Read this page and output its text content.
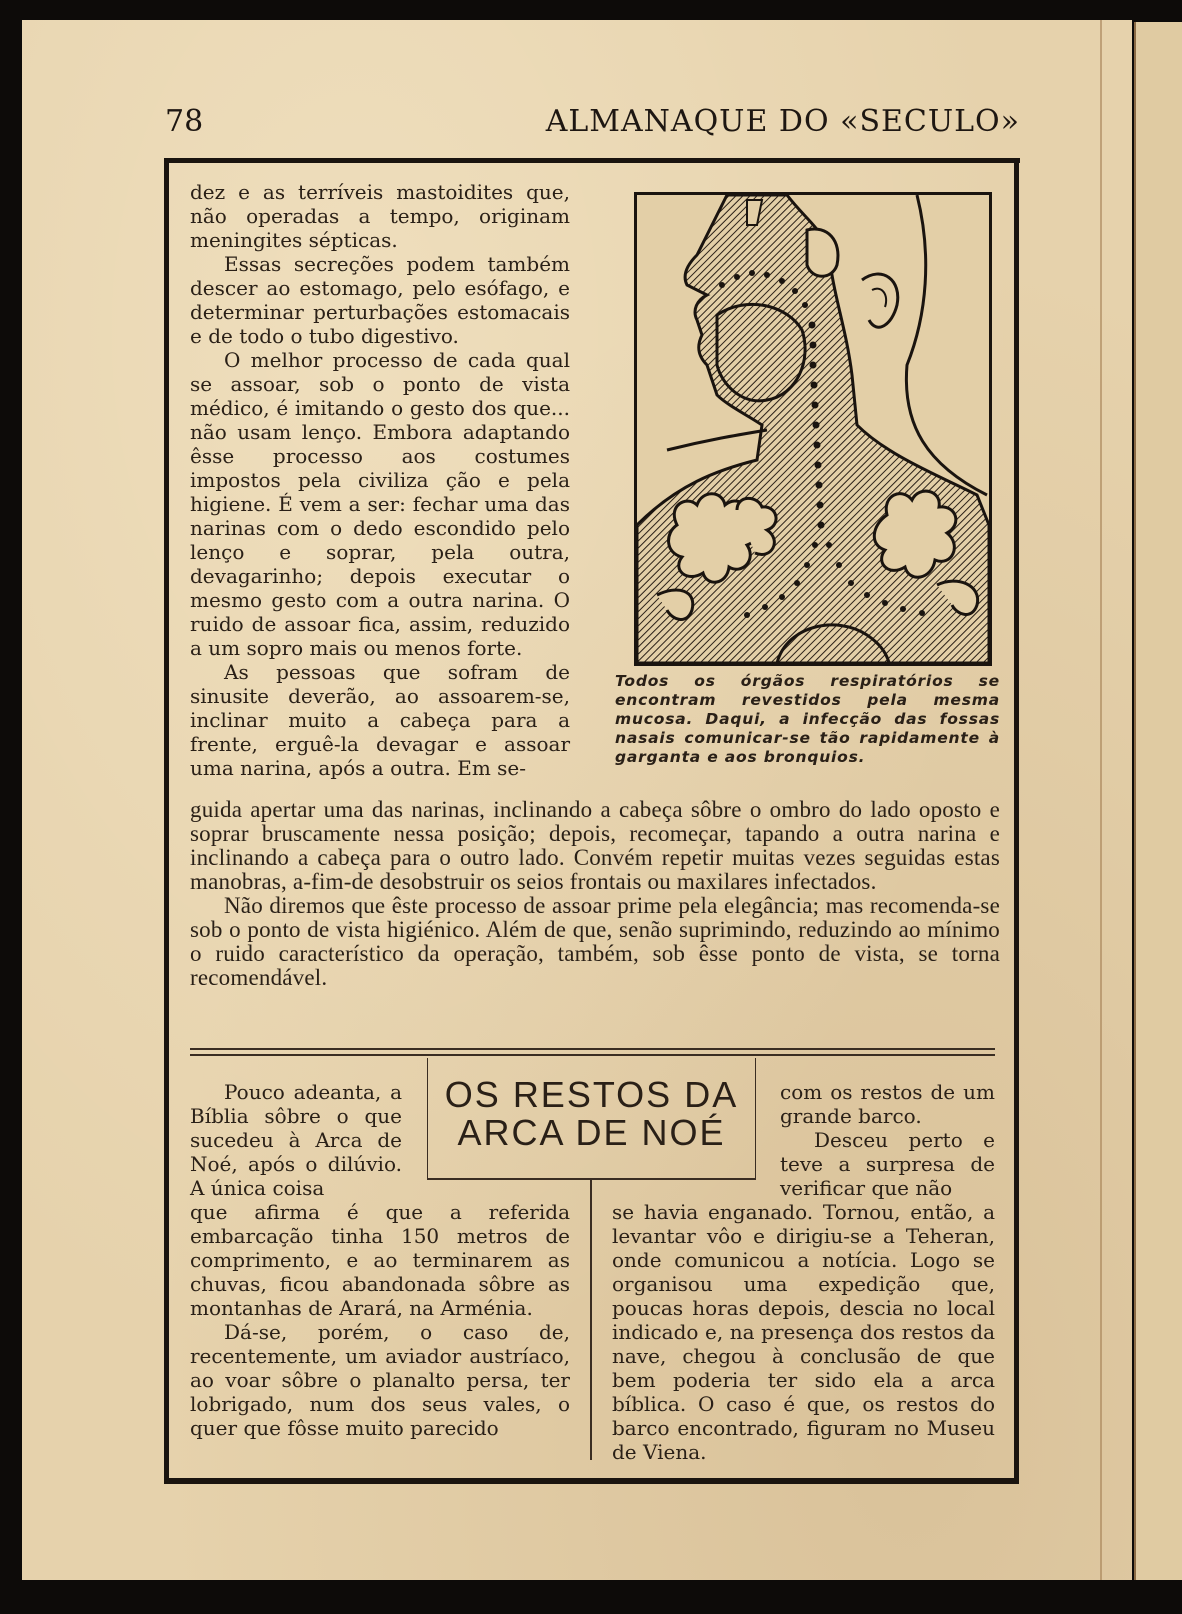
78	ALMANAQUE DO «SECULO»

dez e as terríveis mastoidites que, não operadas a tempo, originam meningites sépticas.

Essas secreções podem também descer ao estomago, pelo esófago, e determinar perturbações estomacais e de todo o tubo digestivo.

O melhor processo de cada qual se assoar, sob o ponto de vista médico, é imitando o gesto dos que... não usam lenço. Embora adaptando êsse processo aos costumes impostos pela civiliza ção e pela higiene. É vem a ser: fechar uma das narinas com o dedo escondido pelo lenço e soprar, pela outra, devagarinho; depois executar o mesmo gesto com a outra narina. O ruido de assoar fica, assim, reduzido a um sopro mais ou menos forte.

As pessoas que sofram de sinusite deverão, ao assoarem-se, inclinar muito a cabeça para a frente, erguê-la devagar e assoar uma narina, após a outra. Em se-

Todos os órgãos respiratórios se encontram revestidos pela mesma mucosa. Daqui, a infecção das fossas nasais comunicar-se tão rapidamente à garganta e aos bronquios.

guida apertar uma das narinas, inclinando a cabeça sôbre o ombro do lado oposto e soprar bruscamente nessa posição; depois, recomeçar, tapando a outra narina e inclinando a cabeça para o outro lado. Convém repetir muitas vezes seguidas estas manobras, a-fim-de desobstruir os seios frontais ou maxilares infectados.

Não diremos que êste processo de assoar prime pela elegância; mas recomenda-se sob o ponto de vista higiénico. Além de que, senão suprimindo, reduzindo ao mínimo o ruido característico da operação, também, sob êsse ponto de vista, se torna recomendável.

OS RESTOS DA
ARCA DE NOÉ

Pouco adeanta, a Bíblia sôbre o que sucedeu à Arca de Noé, após o dilúvio. A única coisa

que afirma é que a referida embarcação tinha 150 metros de comprimento, e ao terminarem as chuvas, ficou abandonada sôbre as montanhas de Arará, na Arménia.

Dá-se, porém, o caso de, recentemente, um aviador austríaco, ao voar sôbre o planalto persa, ter lobrigado, num dos seus vales, o quer que fôsse muito parecido

com os restos de um grande barco.

Desceu perto e teve a surpresa de verificar que não

se havia enganado. Tornou, então, a levantar vôo e dirigiu-se a Teheran, onde comunicou a notícia. Logo se organisou uma expedição que, poucas horas depois, descia no local indicado e, na presença dos restos da nave, chegou à conclusão de que bem poderia ter sido ela a arca bíblica. O caso é que, os restos do barco encontrado, figuram no Museu de Viena.
